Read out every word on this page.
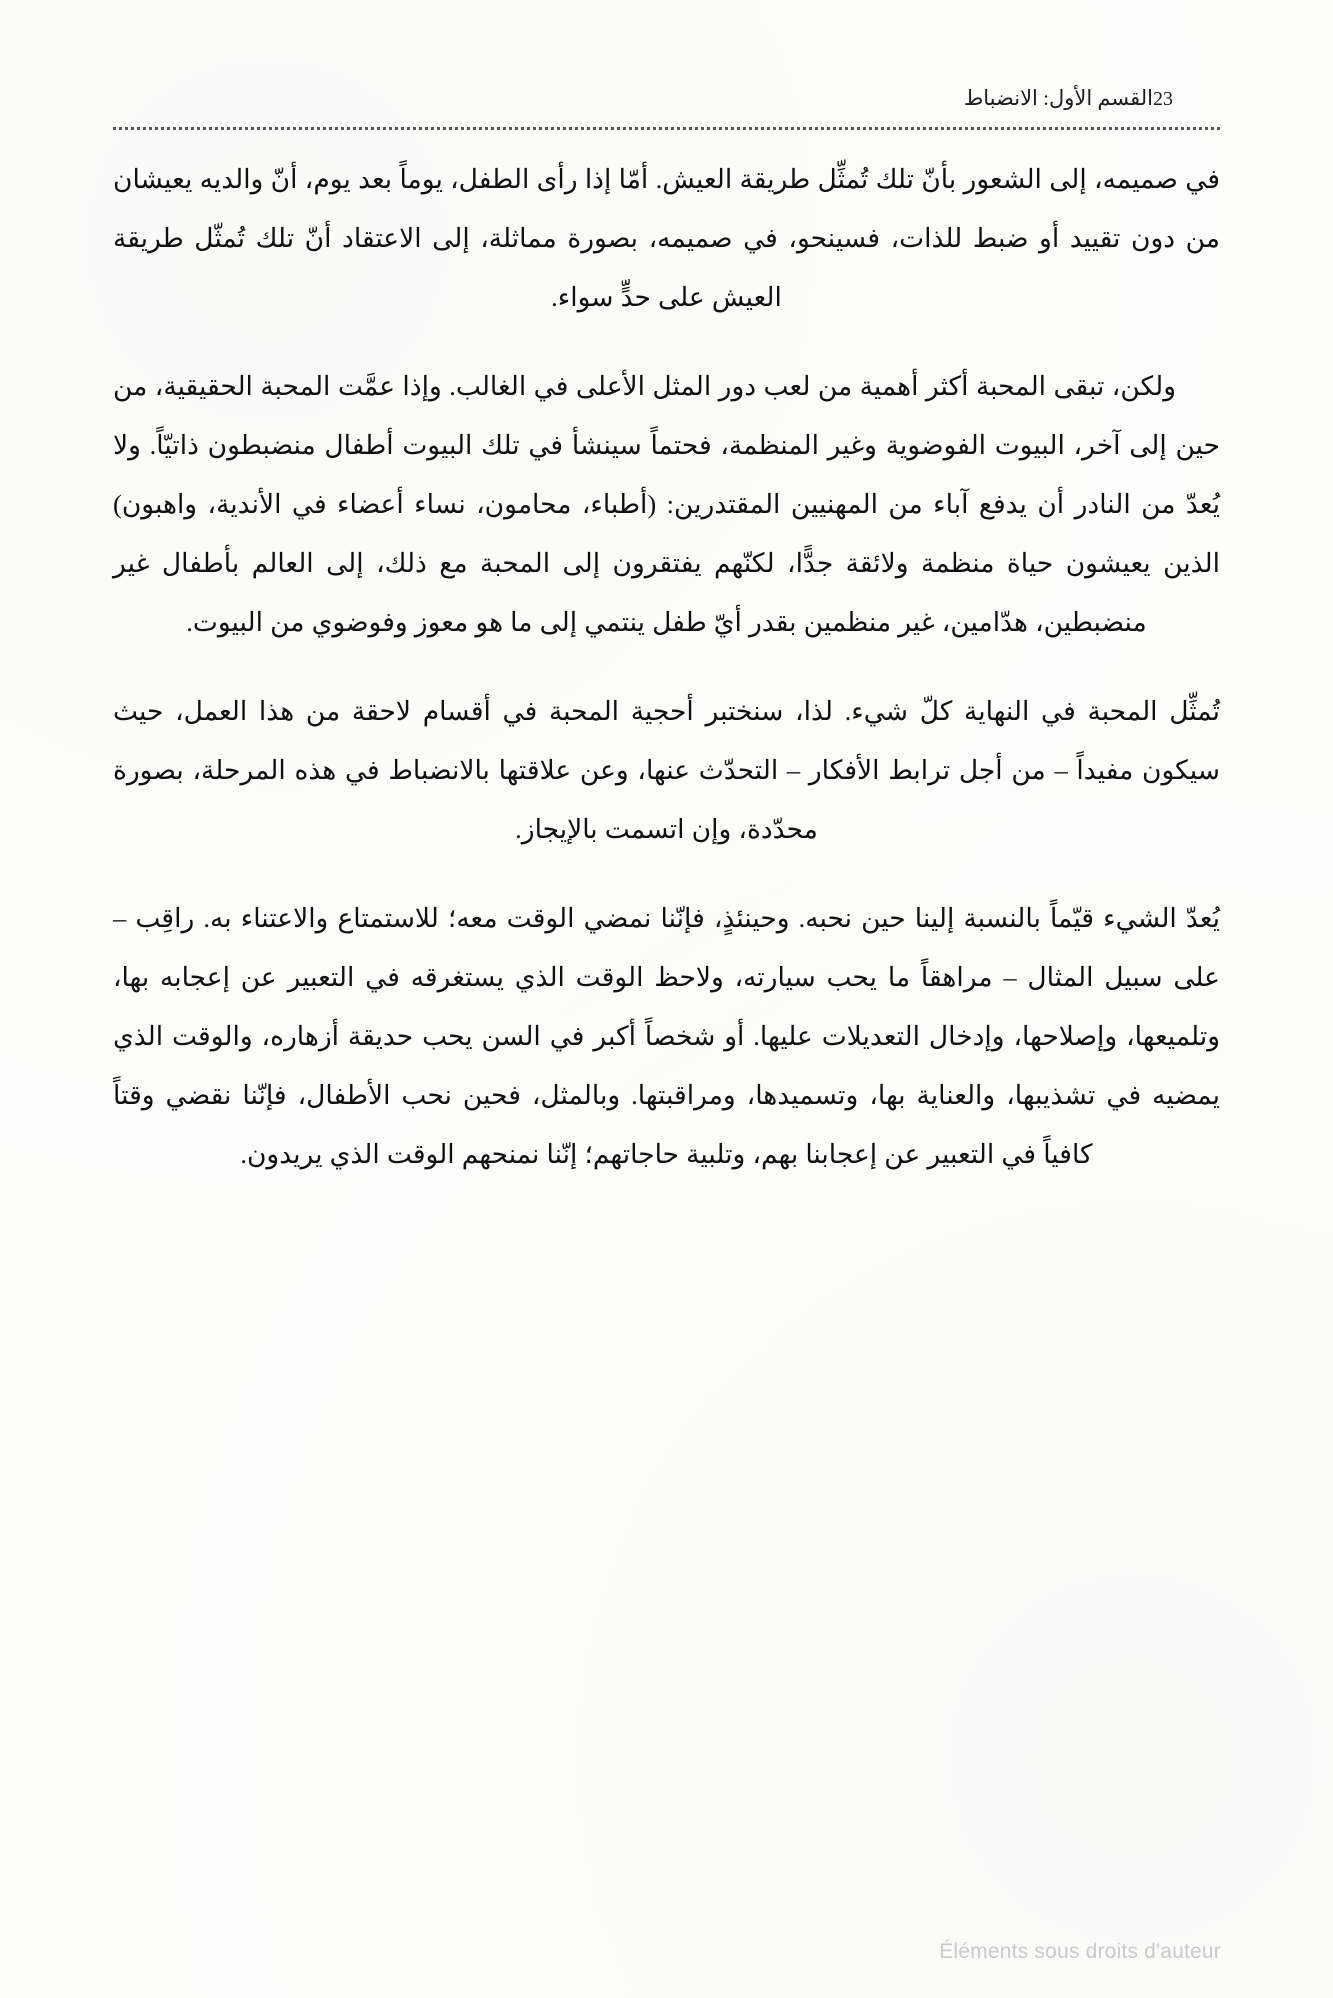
23
القسم الأول: الانضباط

في صميمه، إلى الشعور بأنّ تلك تُمثِّل طريقة العيش. أمّا إذا رأى الطفل، يوماً بعد يوم، أنّ والديه يعيشان من دون تقييد أو ضبط للذات، فسينحو، في صميمه، بصورة مماثلة، إلى الاعتقاد أنّ تلك تُمثّل طريقة العيش على حدٍّ سواء.

ولكن، تبقى المحبة أكثر أهمية من لعب دور المثل الأعلى في الغالب. وإذا عمَّت المحبة الحقيقية، من حين إلى آخر، البيوت الفوضوية وغير المنظمة، فحتماً سينشأ في تلك البيوت أطفال منضبطون ذاتيّاً. ولا يُعدّ من النادر أن يدفع آباء من المهنيين المقتدرين: (أطباء، محامون، نساء أعضاء في الأندية، واهبون) الذين يعيشون حياة منظمة ولائقة جدًّا، لكنّهم يفتقرون إلى المحبة مع ذلك، إلى العالم بأطفال غير منضبطين، هدّامين، غير منظمين بقدر أيّ طفل ينتمي إلى ما هو معوز وفوضوي من البيوت.

تُمثِّل المحبة في النهاية كلّ شيء. لذا، سنختبر أحجية المحبة في أقسام لاحقة من هذا العمل، حيث سيكون مفيداً – من أجل ترابط الأفكار – التحدّث عنها، وعن علاقتها بالانضباط في هذه المرحلة، بصورة محدّدة، وإن اتسمت بالإيجاز.

يُعدّ الشيء قيّماً بالنسبة إلينا حين نحبه. وحينئذٍ، فإنّنا نمضي الوقت معه؛ للاستمتاع والاعتناء به. راقِب – على سبيل المثال – مراهقاً ما يحب سيارته، ولاحظ الوقت الذي يستغرقه في التعبير عن إعجابه بها، وتلميعها، وإصلاحها، وإدخال التعديلات عليها. أو شخصاً أكبر في السن يحب حديقة أزهاره، والوقت الذي يمضيه في تشذيبها، والعناية بها، وتسميدها، ومراقبتها. وبالمثل، فحين نحب الأطفال، فإنّنا نقضي وقتاً كافياً في التعبير عن إعجابنا بهم، وتلبية حاجاتهم؛ إنّنا نمنحهم الوقت الذي يريدون.

Éléments sous droits d'auteur
